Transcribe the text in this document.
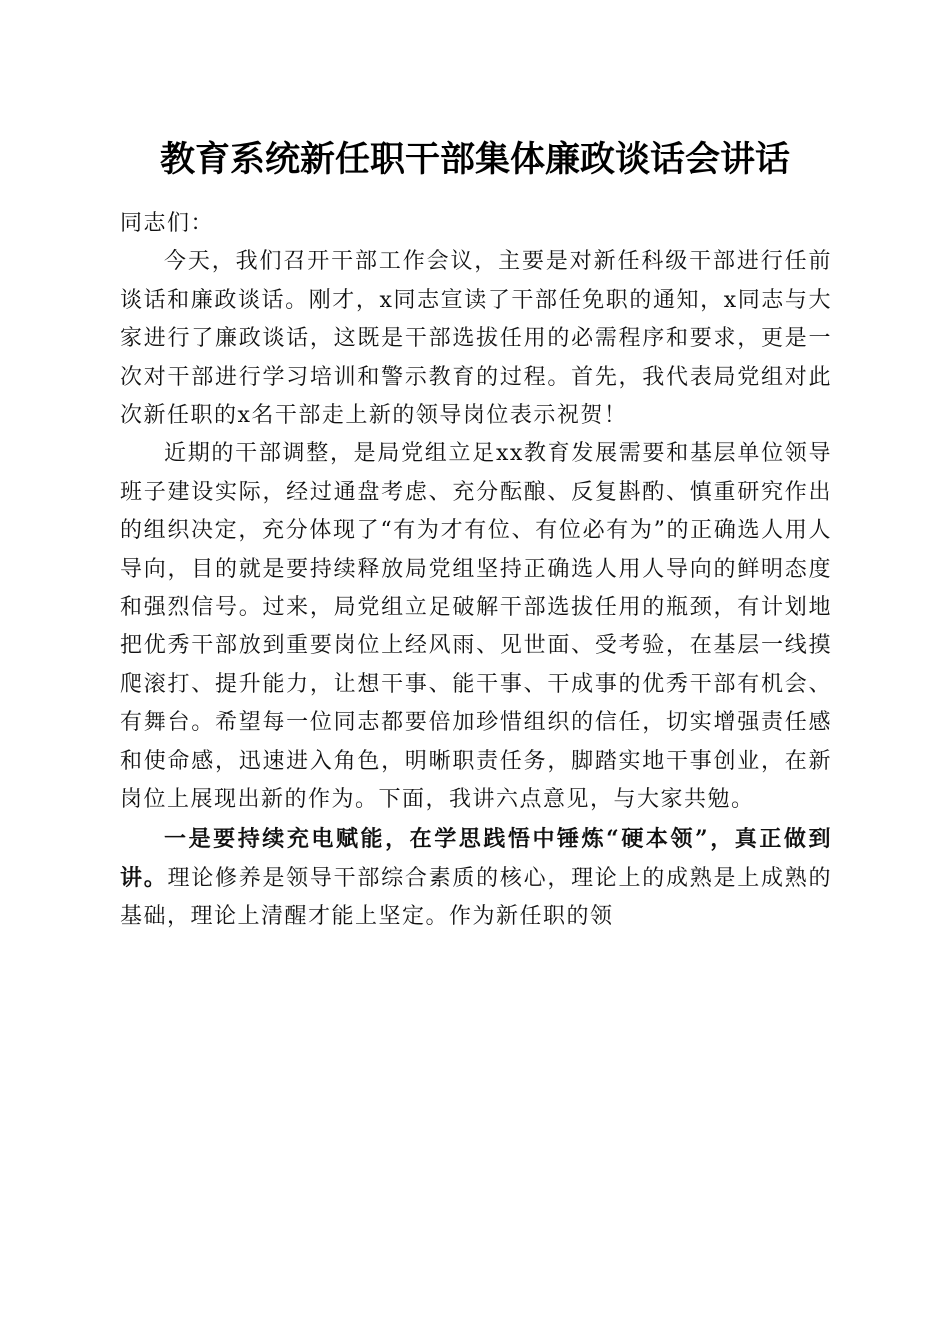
教育系统新任职干部集体廉政谈话会讲话

同志们：

今天，我们召开干部工作会议，主要是对新任科级干部进行任前谈话和廉政谈话。刚才，x同志宣读了干部任免职的通知，x同志与大家进行了廉政谈话，这既是干部选拔任用的必需程序和要求，更是一次对干部进行学习培训和警示教育的过程。首先，我代表局党组对此次新任职的x名干部走上新的领导岗位表示祝贺！

近期的干部调整，是局党组立足xx教育发展需要和基层单位领导班子建设实际，经过通盘考虑、充分酝酿、反复斟酌、慎重研究作出的组织决定，充分体现了“有为才有位、有位必有为”的正确选人用人导向，目的就是要持续释放局党组坚持正确选人用人导向的鲜明态度和强烈信号。过来，局党组立足破解干部选拔任用的瓶颈，有计划地把优秀干部放到重要岗位上经风雨、见世面、受考验，在基层一线摸爬滚打、提升能力，让想干事、能干事、干成事的优秀干部有机会、有舞台。希望每一位同志都要倍加珍惜组织的信任，切实增强责任感和使命感，迅速进入角色，明晰职责任务，脚踏实地干事创业，在新岗位上展现出新的作为。下面，我讲六点意见，与大家共勉。

一是要持续充电赋能，在学思践悟中锤炼“硬本领”，真正做到讲。理论修养是领导干部综合素质的核心，理论上的成熟是上成熟的基础，理论上清醒才能上坚定。作为新任职的领
